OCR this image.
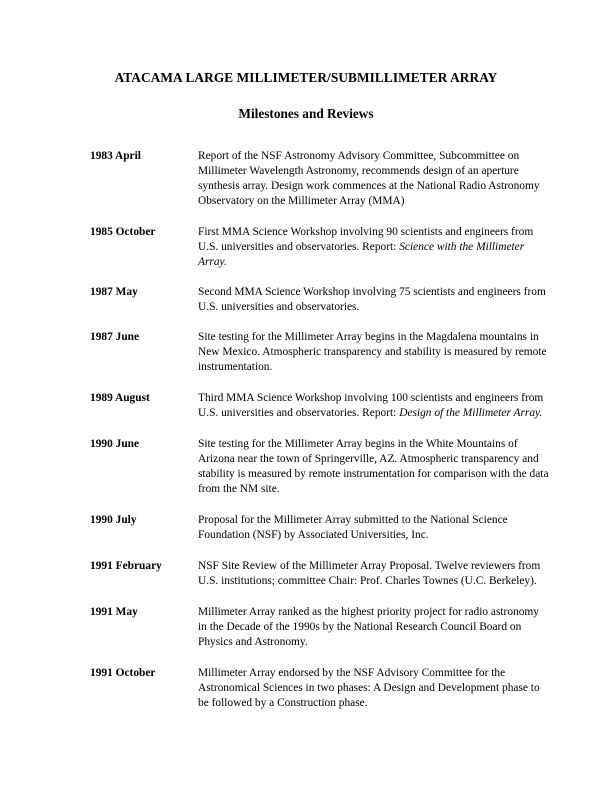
ATACAMA LARGE MILLIMETER/SUBMILLIMETER ARRAY
Milestones and Reviews
1983 April	Report of the NSF Astronomy Advisory Committee, Subcommittee on Millimeter Wavelength Astronomy, recommends design of an aperture synthesis array. Design work commences at the National Radio Astronomy Observatory on the Millimeter Array (MMA)
1985 October	First MMA Science Workshop involving 90 scientists and engineers from U.S. universities and observatories. Report: Science with the Millimeter Array.
1987 May	Second MMA Science Workshop involving 75 scientists and engineers from U.S. universities and observatories.
1987 June	Site testing for the Millimeter Array begins in the Magdalena mountains in New Mexico. Atmospheric transparency and stability is measured by remote instrumentation.
1989 August	Third MMA Science Workshop involving 100 scientists and engineers from U.S. universities and observatories. Report: Design of the Millimeter Array.
1990 June	Site testing for the Millimeter Array begins in the White Mountains of Arizona near the town of Springerville, AZ. Atmospheric transparency and stability is measured by remote instrumentation for comparison with the data from the NM site.
1990 July	Proposal for the Millimeter Array submitted to the National Science Foundation (NSF) by Associated Universities, Inc.
1991 February	NSF Site Review of the Millimeter Array Proposal. Twelve reviewers from U.S. institutions; committee Chair: Prof. Charles Townes (U.C. Berkeley).
1991 May	Millimeter Array ranked as the highest priority project for radio astronomy in the Decade of the 1990s by the National Research Council Board on Physics and Astronomy.
1991 October	Millimeter Array endorsed by the NSF Advisory Committee for the Astronomical Sciences in two phases: A Design and Development phase to be followed by a Construction phase.
